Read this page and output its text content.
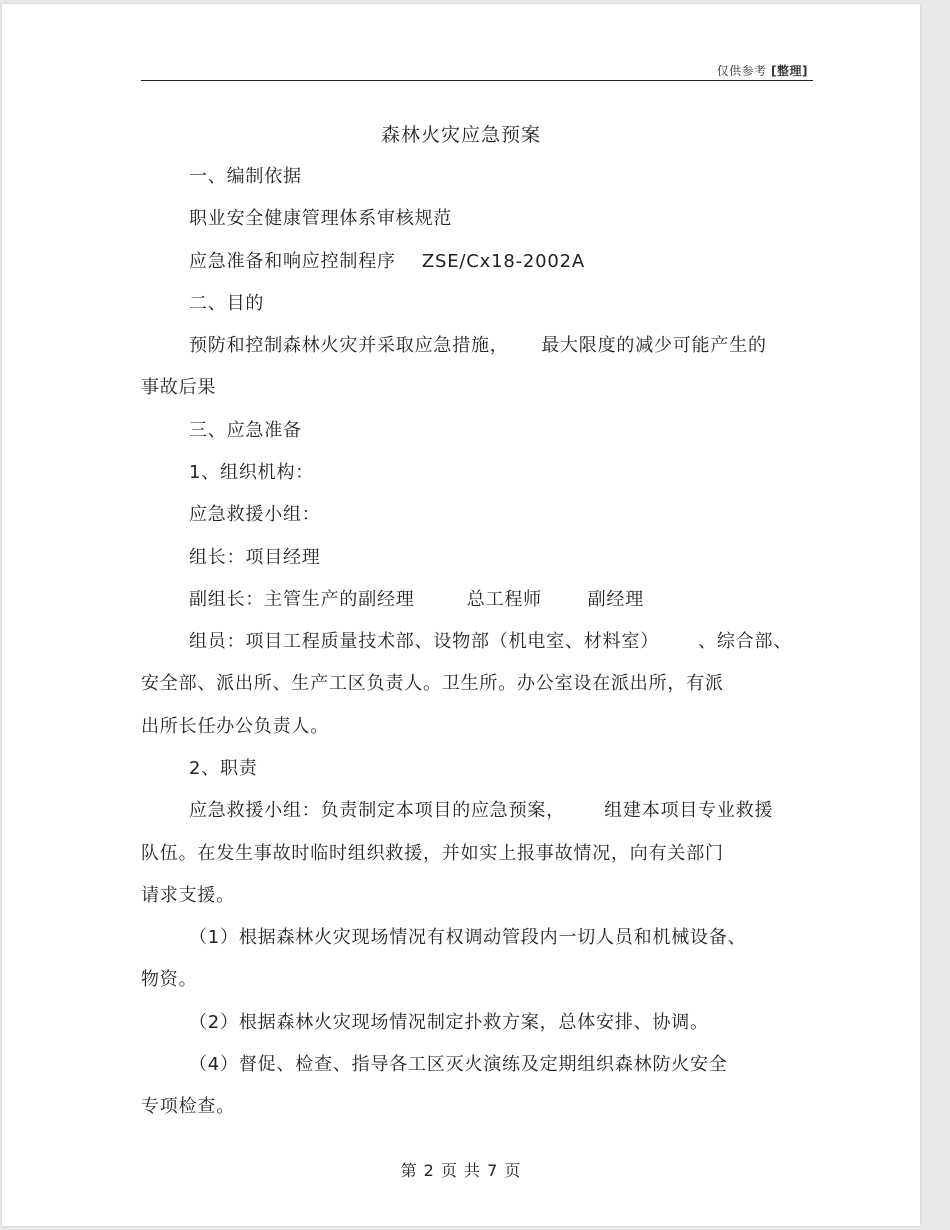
仅供参考 [整理]
森林火灾应急预案
一、编制依据
职业安全健康管理体系审核规范
应急准备和响应控制程序    ZSE/Cx18-2002A
二、目的
预防和控制森林火灾并采取应急措施，     最大限度的减少可能产生的
事故后果
三、应急准备
1、组织机构：
应急救援小组：
组长：项目经理
副组长：主管生产的副经理        总工程师       副经理
组员：项目工程质量技术部、设物部（机电室、材料室）      、综合部、
安全部、派出所、生产工区负责人。卫生所。办公室设在派出所，有派
出所长任办公负责人。
2、职责
应急救援小组：负责制定本项目的应急预案，      组建本项目专业救援
队伍。在发生事故时临时组织救援，并如实上报事故情况，向有关部门
请求支援。
（1）根据森林火灾现场情况有权调动管段内一切人员和机械设备、
物资。
（2）根据森林火灾现场情况制定扑救方案，总体安排、协调。
（4）督促、检查、指导各工区灭火演练及定期组织森林防火安全
专项检查。
第 2 页 共 7 页
